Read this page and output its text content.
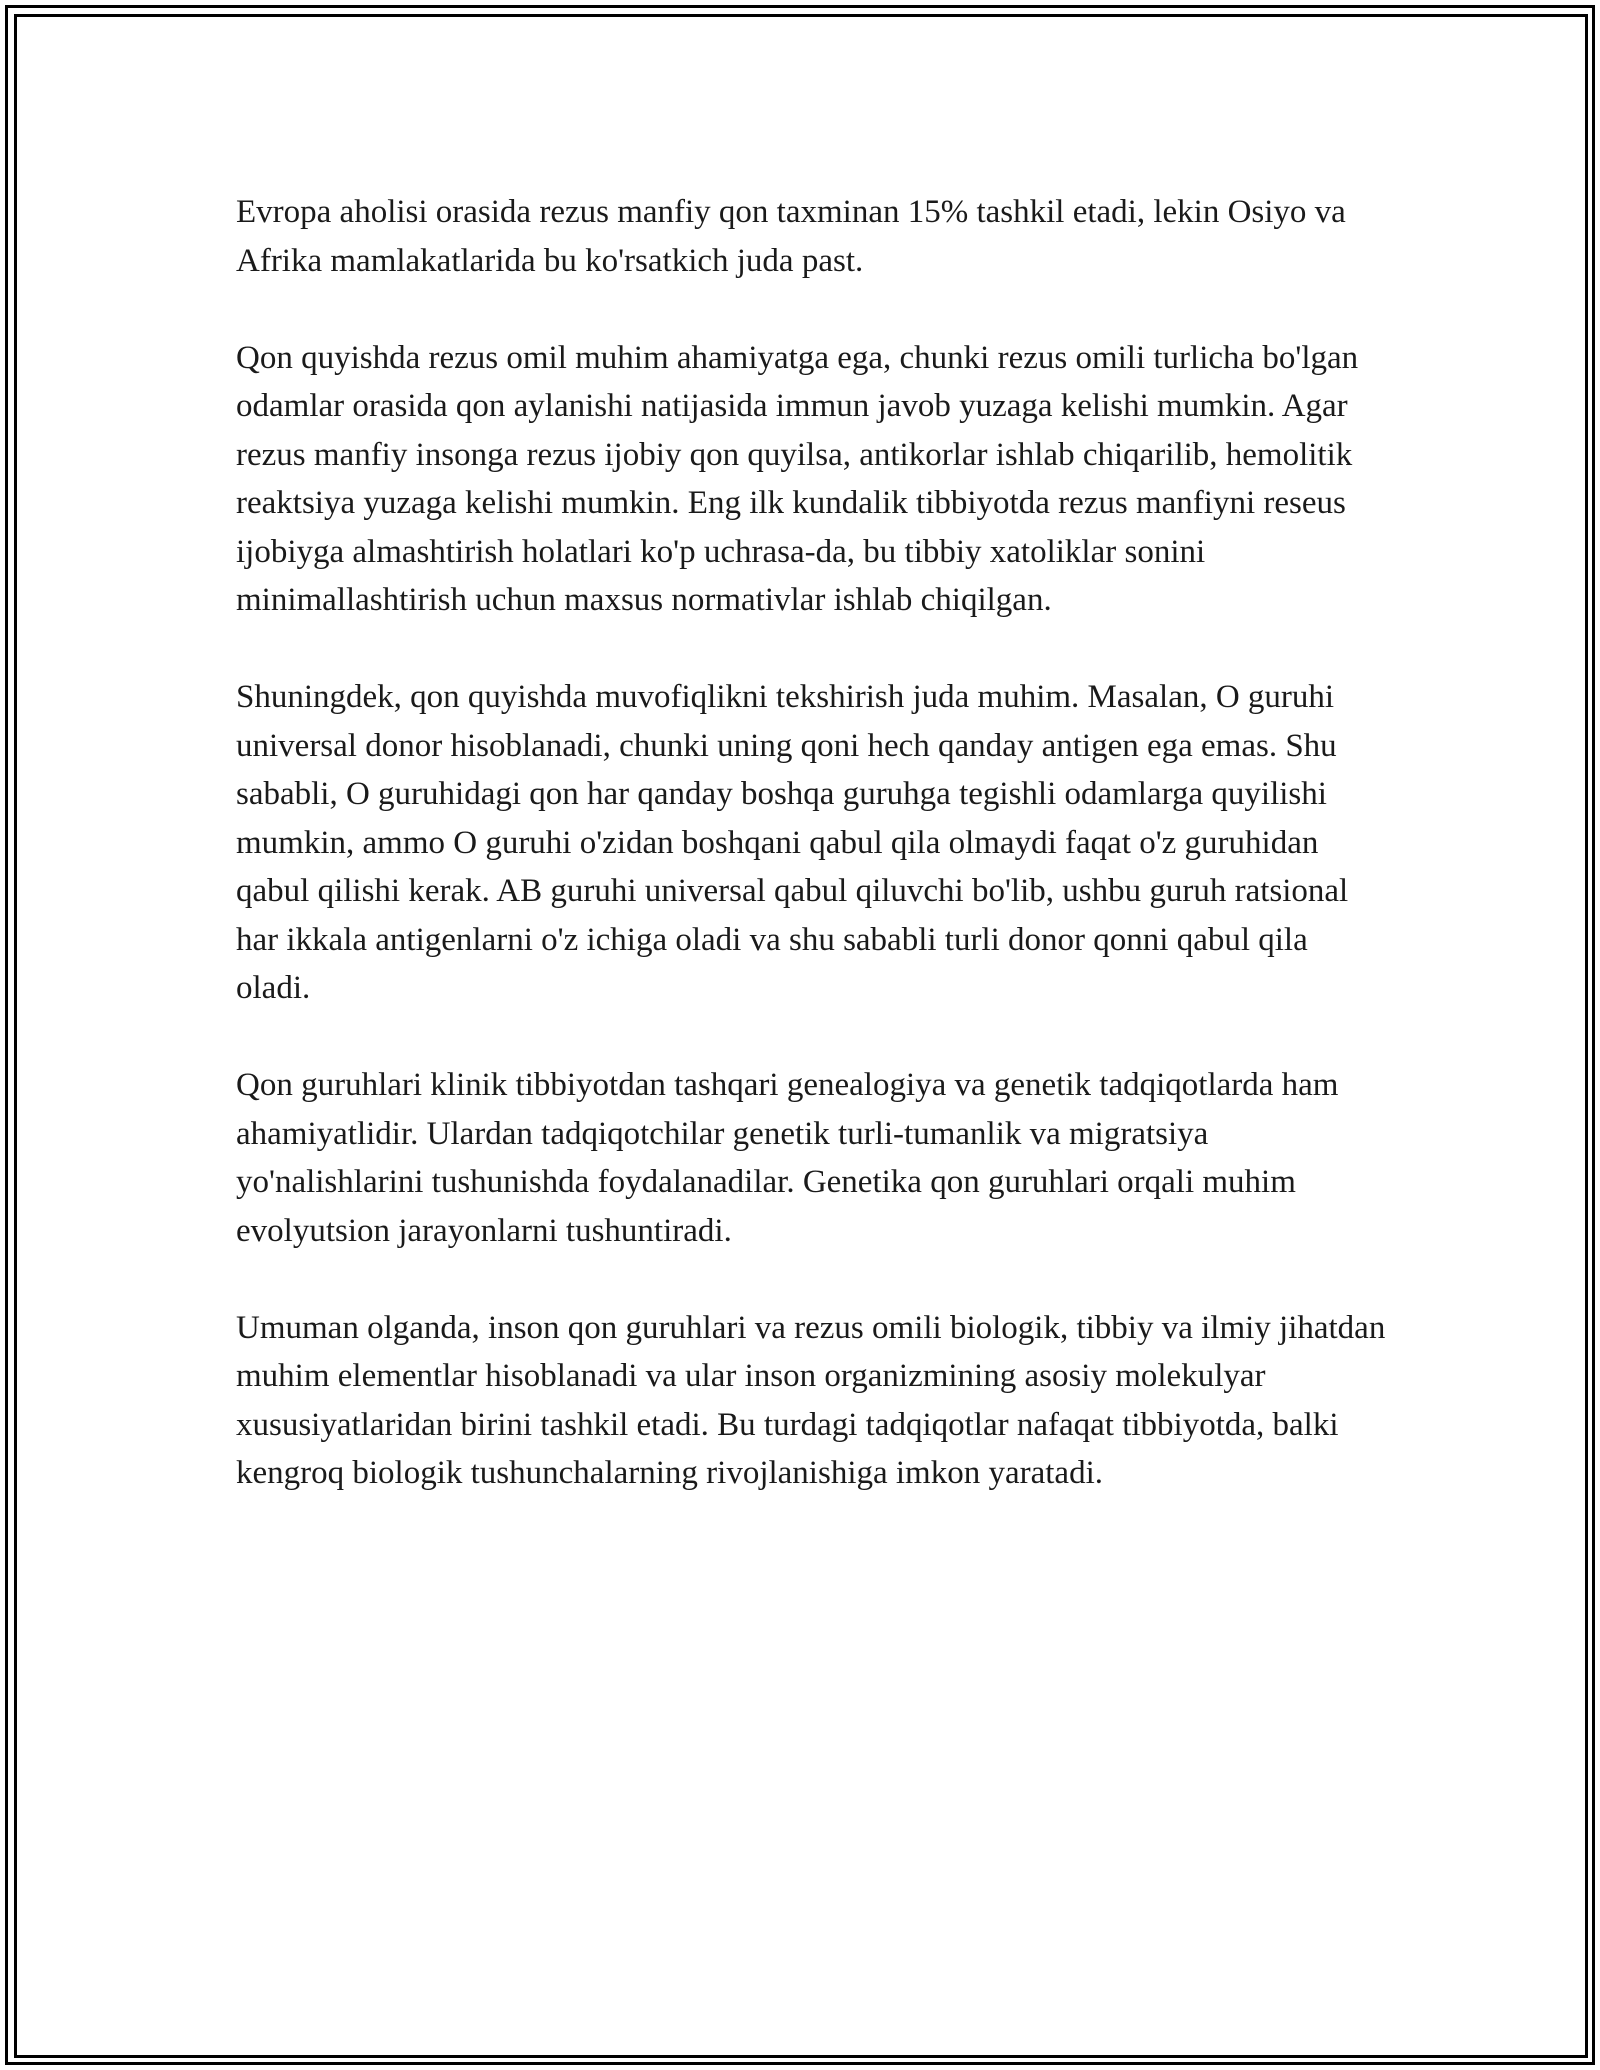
Evropa aholisi orasida rezus manfiy qon taxminan 15% tashkil etadi, lekin Osiyo va Afrika mamlakatlarida bu ko'rsatkich juda past.

Qon quyishda rezus omil muhim ahamiyatga ega, chunki rezus omili turlicha bo'lgan odamlar orasida qon aylanishi natijasida immun javob yuzaga kelishi mumkin. Agar rezus manfiy insonga rezus ijobiy qon quyilsa, antikorlar ishlab chiqarilib, hemolitik reaktsiya yuzaga kelishi mumkin. Eng ilk kundalik tibbiyotda rezus manfiyni reseus ijobiyga almashtirish holatlari ko'p uchrasa-da, bu tibbiy xatoliklar sonini minimallashtirish uchun maxsus normativlar ishlab chiqilgan.

Shuningdek, qon quyishda muvofiqlikni tekshirish juda muhim. Masalan, O guruhi universal donor hisoblanadi, chunki uning qoni hech qanday antigen ega emas. Shu sababli, O guruhidagi qon har qanday boshqa guruhga tegishli odamlarga quyilishi mumkin, ammo O guruhi o'zidan boshqani qabul qila olmaydi faqat o'z guruhidan qabul qilishi kerak. AB guruhi universal qabul qiluvchi bo'lib, ushbu guruh ratsional har ikkala antigenlarni o'z ichiga oladi va shu sababli turli donor qonni qabul qila oladi.

Qon guruhlari klinik tibbiyotdan tashqari genealogiya va genetik tadqiqotlarda ham ahamiyatlidir. Ulardan tadqiqotchilar genetik turli-tumanlik va migratsiya yo'nalishlarini tushunishda foydalanadilar. Genetika qon guruhlari orqali muhim evolyutsion jarayonlarni tushuntiradi.

Umuman olganda, inson qon guruhlari va rezus omili biologik, tibbiy va ilmiy jihatdan muhim elementlar hisoblanadi va ular inson organizmining asosiy molekulyar xususiyatlaridan birini tashkil etadi. Bu turdagi tadqiqotlar nafaqat tibbiyotda, balki kengroq biologik tushunchalarning rivojlanishiga imkon yaratadi.
